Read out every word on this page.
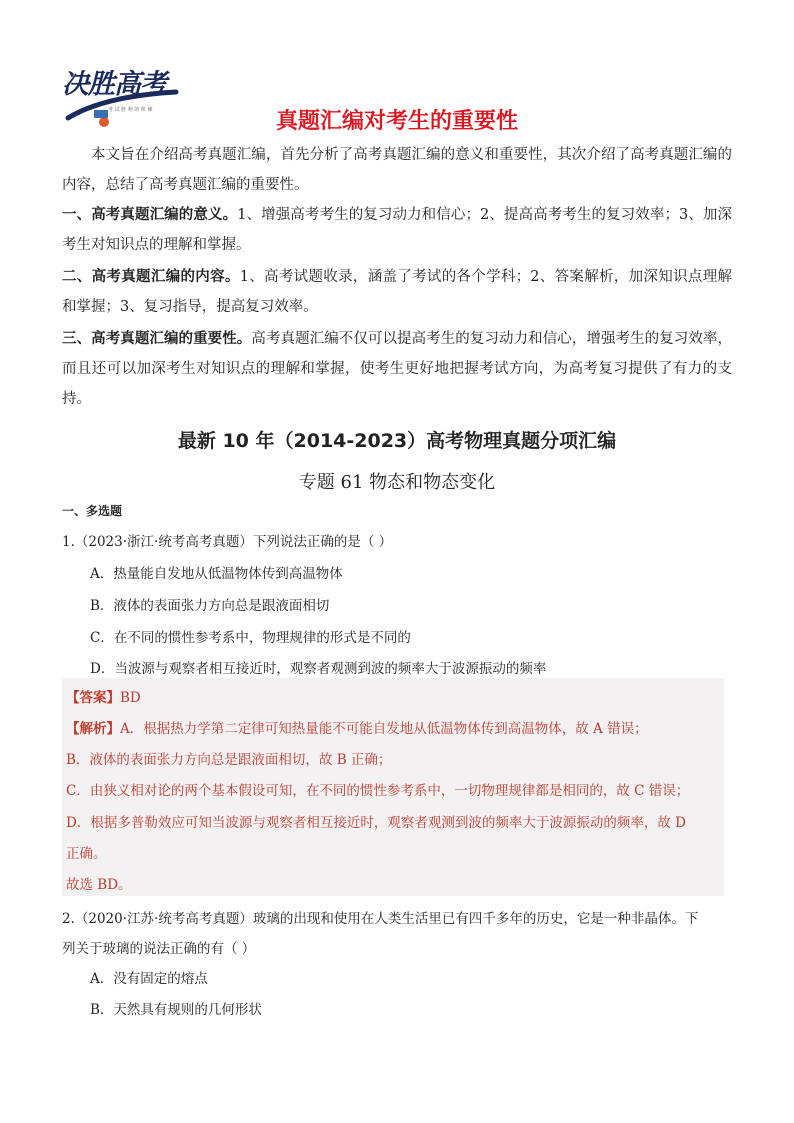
决胜高考
考 试 胜 利 的 阶 梯	真题汇编对考生的重要性
本文旨在介绍高考真题汇编，首先分析了高考真题汇编的意义和重要性，其次介绍了高考真题汇编的内容，总结了高考真题汇编的重要性。
一、高考真题汇编的意义。1、增强高考考生的复习动力和信心；2、提高高考考生的复习效率；3、加深考生对知识点的理解和掌握。
二、高考真题汇编的内容。1、高考试题收录，涵盖了考试的各个学科；2、答案解析，加深知识点理解和掌握；3、复习指导，提高复习效率。
三、高考真题汇编的重要性。高考真题汇编不仅可以提高考生的复习动力和信心，增强考生的复习效率，而且还可以加深考生对知识点的理解和掌握，使考生更好地把握考试方向，为高考复习提供了有力的支持。
最新 10 年（2014-2023）高考物理真题分项汇编
专题 61 物态和物态变化
一、多选题
1.（2023·浙江·统考高考真题）下列说法正确的是（ ）
A．热量能自发地从低温物体传到高温物体
B．液体的表面张力方向总是跟液面相切
C．在不同的惯性参考系中，物理规律的形式是不同的
D．当波源与观察者相互接近时，观察者观测到波的频率大于波源振动的频率
【答案】BD
【解析】A．根据热力学第二定律可知热量能不可能自发地从低温物体传到高温物体，故 A 错误；
B．液体的表面张力方向总是跟液面相切，故 B 正确；
C．由狭义相对论的两个基本假设可知，在不同的惯性参考系中，一切物理规律都是相同的，故 C 错误；
D．根据多普勒效应可知当波源与观察者相互接近时，观察者观测到波的频率大于波源振动的频率，故 D
正确。
故选 BD。
2.（2020·江苏·统考高考真题）玻璃的出现和使用在人类生活里已有四千多年的历史，它是一种非晶体。下
列关于玻璃的说法正确的有（ ）
A．没有固定的熔点
B．天然具有规则的几何形状
